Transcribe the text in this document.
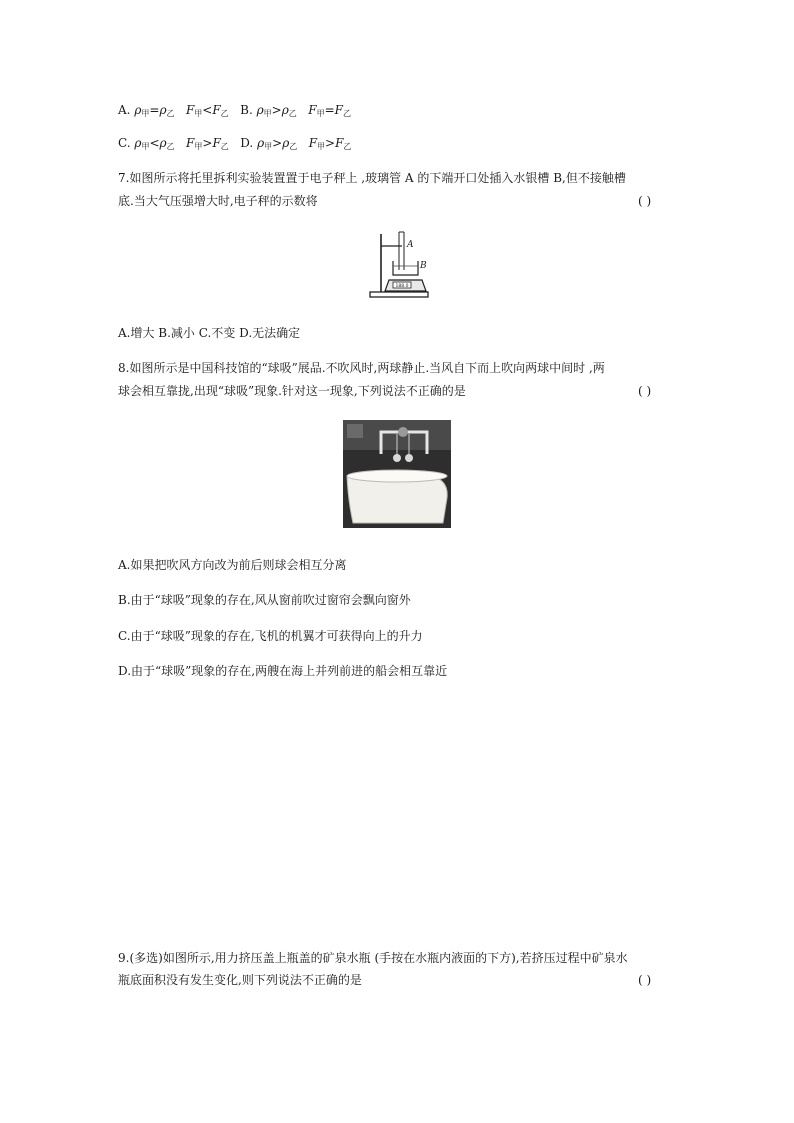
A. $\rho_甲=\rho_乙$ $F_甲<F_乙$ B. $\rho_甲>\rho_乙$ $F_甲=F_乙$
C. $\rho_甲<\rho_乙$ $F_甲>F_乙$ D. $\rho_甲>\rho_乙$ $F_甲>F_乙$
7.如图所示将托里拆利实验装置置于电子秤上 ,玻璃管 A 的下端开口处插入水银槽 B,但不接触槽
底.当大气压强增大时,电子秤的示数将	( )
188.0
A
B
A.增大 B.减小 C.不变 D.无法确定
8.如图所示是中国科技馆的“球吸”展品.不吹风时,两球静止.当风自下而上吹向两球中间时 ,两
球会相互靠拢,出现“球吸”现象.针对这一现象,下列说法不正确的是	( )
A.如果把吹风方向改为前后则球会相互分离
B.由于“球吸”现象的存在,风从窗前吹过窗帘会飘向窗外
C.由于“球吸”现象的存在,飞机的机翼才可获得向上的升力
D.由于“球吸”现象的存在,两艘在海上并列前进的船会相互靠近
9.(多选)如图所示,用力挤压盖上瓶盖的矿泉水瓶 (手按在水瓶内液面的下方),若挤压过程中矿泉水
瓶底面积没有发生变化,则下列说法不正确的是	( )
